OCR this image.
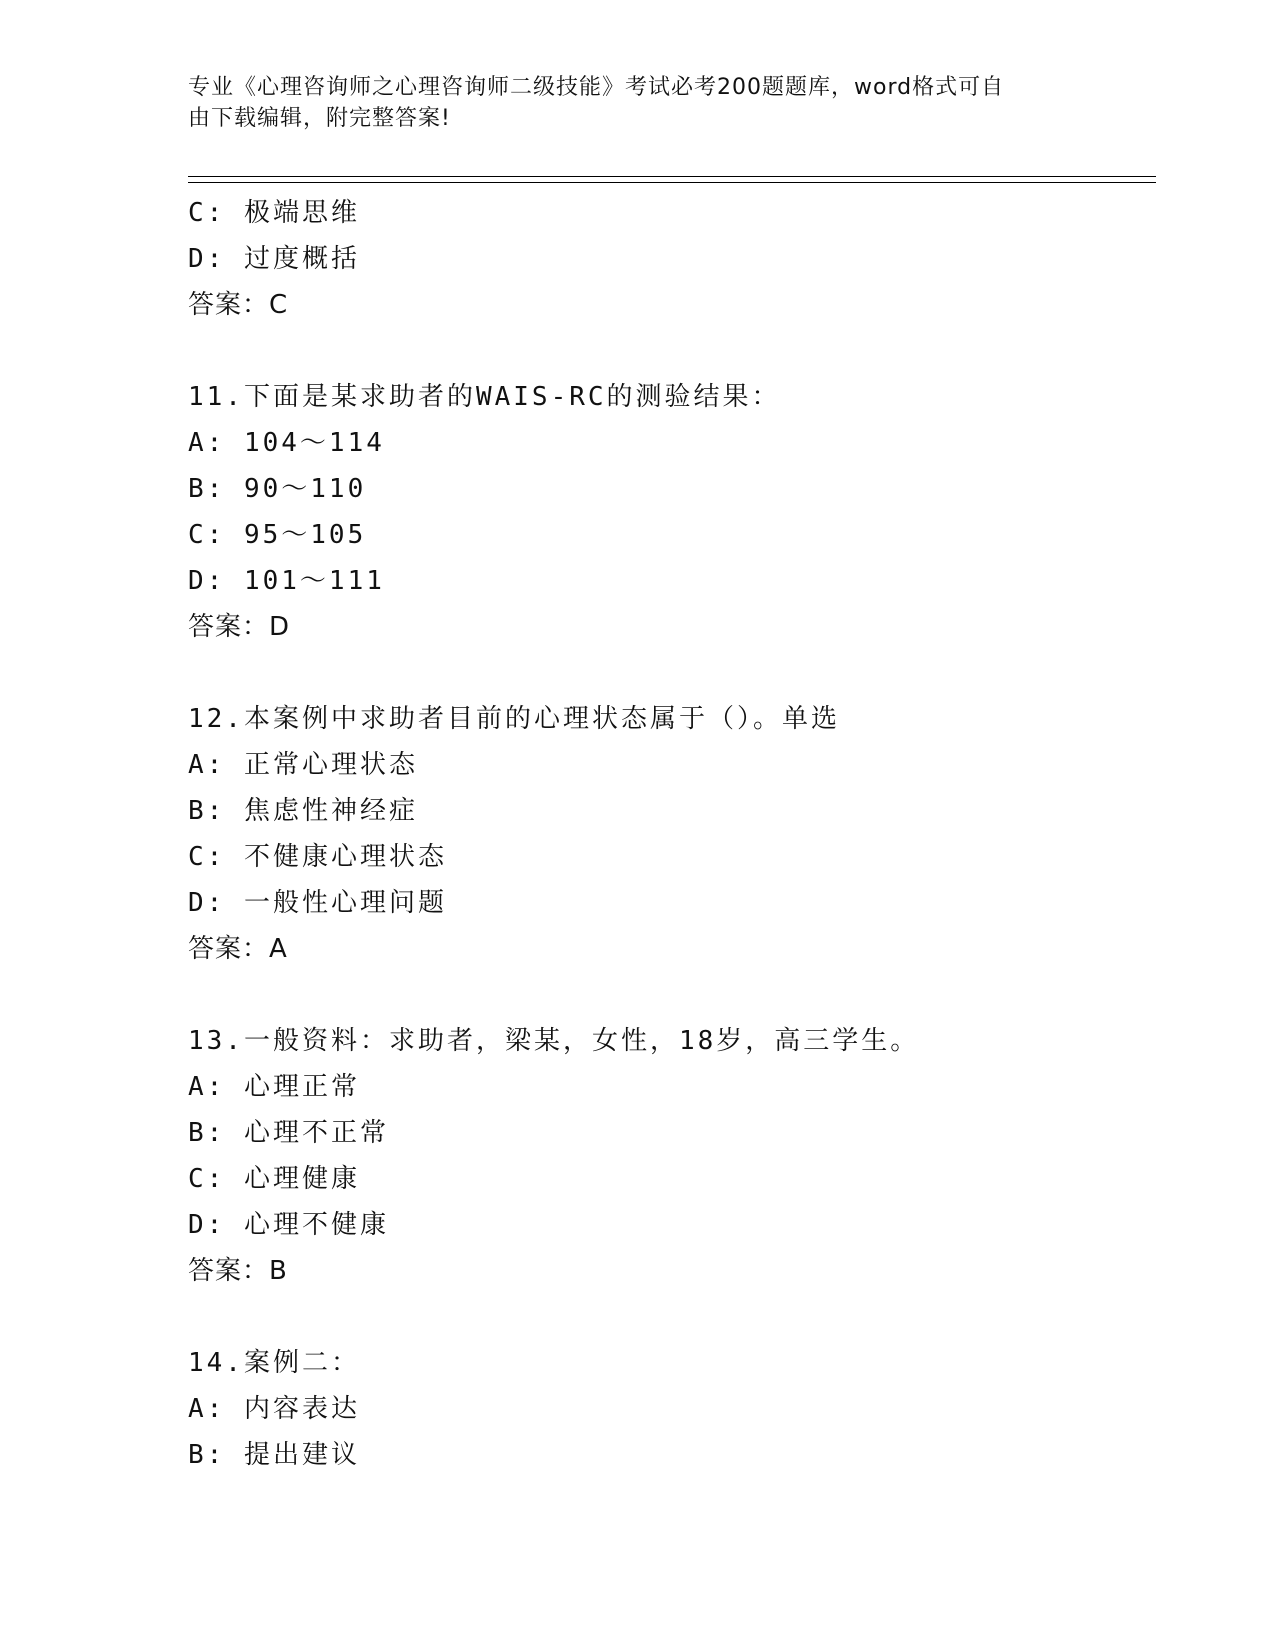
专业《心理咨询师之心理咨询师二级技能》考试必考200题题库，word格式可自
由下载编辑，附完整答案!
C: 极端思维
D: 过度概括
答案：C
11.下面是某求助者的WAIS-RC的测验结果：
A: 104～114
B: 90～110
C: 95～105
D: 101～111
答案：D
12.本案例中求助者目前的心理状态属于（）。单选
A: 正常心理状态
B: 焦虑性神经症
C: 不健康心理状态
D: 一般性心理问题
答案：A
13.一般资料：求助者，梁某，女性，18岁，高三学生。
A: 心理正常
B: 心理不正常
C: 心理健康
D: 心理不健康
答案：B
14.案例二：
A: 内容表达
B: 提出建议
